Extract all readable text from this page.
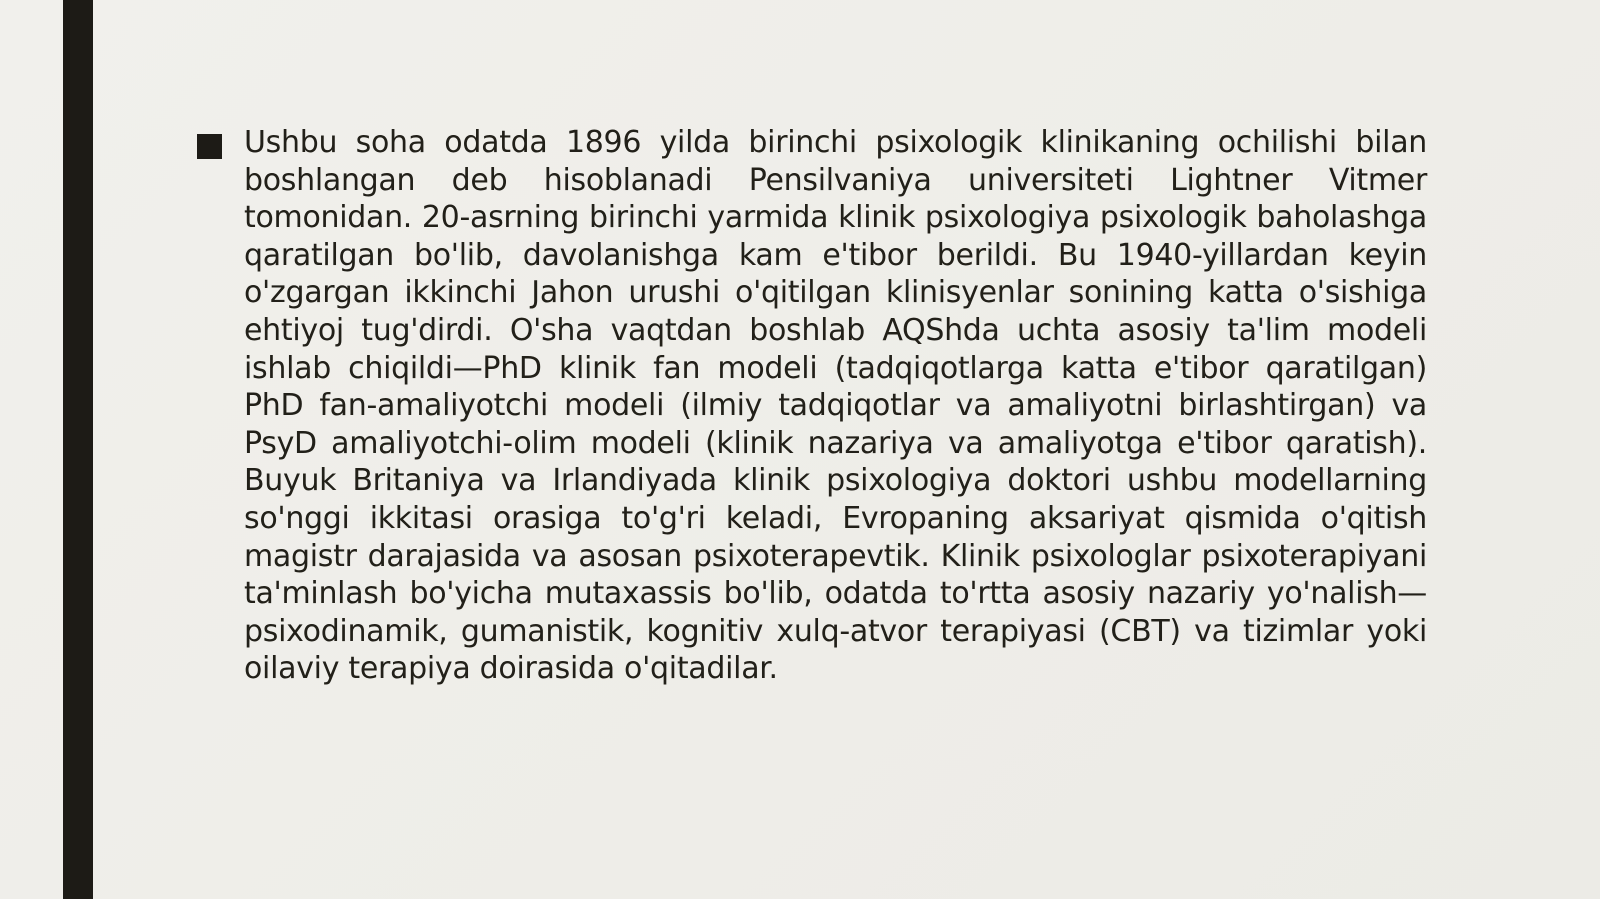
Ushbu soha odatda 1896 yilda birinchi psixologik klinikaning ochilishi bilan boshlangan deb hisoblanadi Pensilvaniya universiteti Lightner Vitmer tomonidan. 20-asrning birinchi yarmida klinik psixologiya psixologik baholashga qaratilgan bo'lib, davolanishga kam e'tibor berildi. Bu 1940-yillardan keyin o'zgargan ikkinchi Jahon urushi o'qitilgan klinisyenlar sonining katta o'sishiga ehtiyoj tug'dirdi. O'sha vaqtdan boshlab AQShda uchta asosiy ta'lim modeli ishlab chiqildi—PhD klinik fan modeli (tadqiqotlarga katta e'tibor qaratilgan) PhD fan-amaliyotchi modeli (ilmiy tadqiqotlar va amaliyotni birlashtirgan) va PsyD amaliyotchi-olim modeli (klinik nazariya va amaliyotga e'tibor qaratish). Buyuk Britaniya va Irlandiyada klinik psixologiya doktori ushbu modellarning so'nggi ikkitasi orasiga to'g'ri keladi, Evropaning aksariyat qismida o'qitish magistr darajasida va asosan psixoterapevtik. Klinik psixologlar psixoterapiyani ta'minlash bo'yicha mutaxassis bo'lib, odatda to'rtta asosiy nazariy yo'nalish—psixodinamik, gumanistik, kognitiv xulq-atvor terapiyasi (CBT) va tizimlar yoki oilaviy terapiya doirasida o'qitadilar.
